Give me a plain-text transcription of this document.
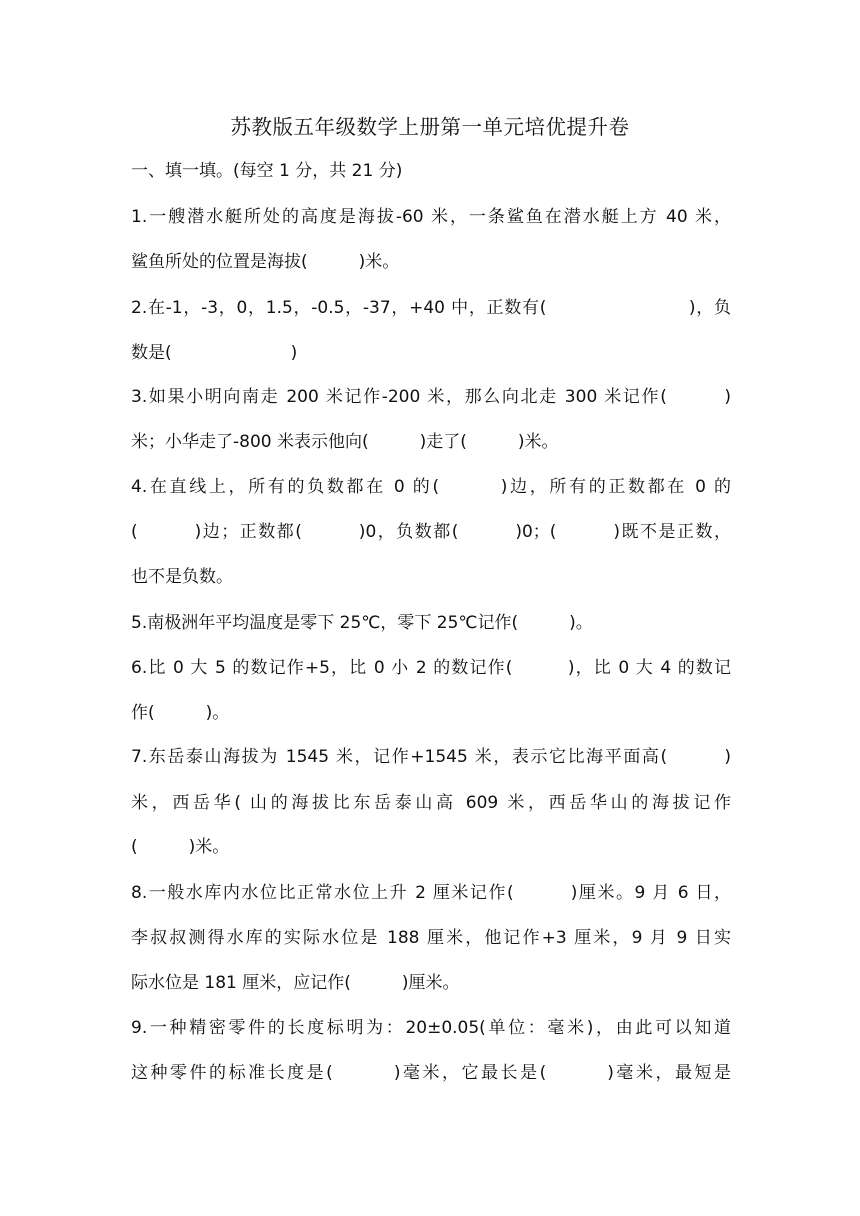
苏教版五年级数学上册第一单元培优提升卷
一、填一填。(每空 1 分，共 21 分)
1.一艘潜水艇所处的高度是海拔-60 米，一条鲨鱼在潜水艇上方 40 米，
鲨鱼所处的位置是海拔(　　　)米。
2.在-1，-3，0，1.5，-0.5，-37，+40 中，正数有(　　　　　　　　)，负
数是(　　　　　　　)
3.如果小明向南走 200 米记作-200 米，那么向北走 300 米记作(　　　)
米；小华走了-800 米表示他向(　　　)走了(　　　)米。
4.在直线上，所有的负数都在 0 的(　　　)边，所有的正数都在 0 的
(　　　)边；正数都(　　　)0，负数都(　　　)0；(　　　)既不是正数，
也不是负数。
5.南极洲年平均温度是零下 25℃，零下 25℃记作(　　　)。
6.比 0 大 5 的数记作+5，比 0 小 2 的数记作(　　　)，比 0 大 4 的数记
作(　　　)。
7.东岳泰山海拔为 1545 米，记作+1545 米，表示它比海平面高(　　　)
米，西岳华( 山的海拔比东岳泰山高 609 米，西岳华山的海拔记作
(　　　)米。
8.一般水库内水位比正常水位上升 2 厘米记作(　　　)厘米。9 月 6 日，
李叔叔测得水库的实际水位是 188 厘米，他记作+3 厘米，9 月 9 日实
际水位是 181 厘米，应记作(　　　)厘米。
9.一种精密零件的长度标明为：20±0.05(单位：毫米)，由此可以知道
这种零件的标准长度是(　　　)毫米，它最长是(　　　)毫米，最短是
